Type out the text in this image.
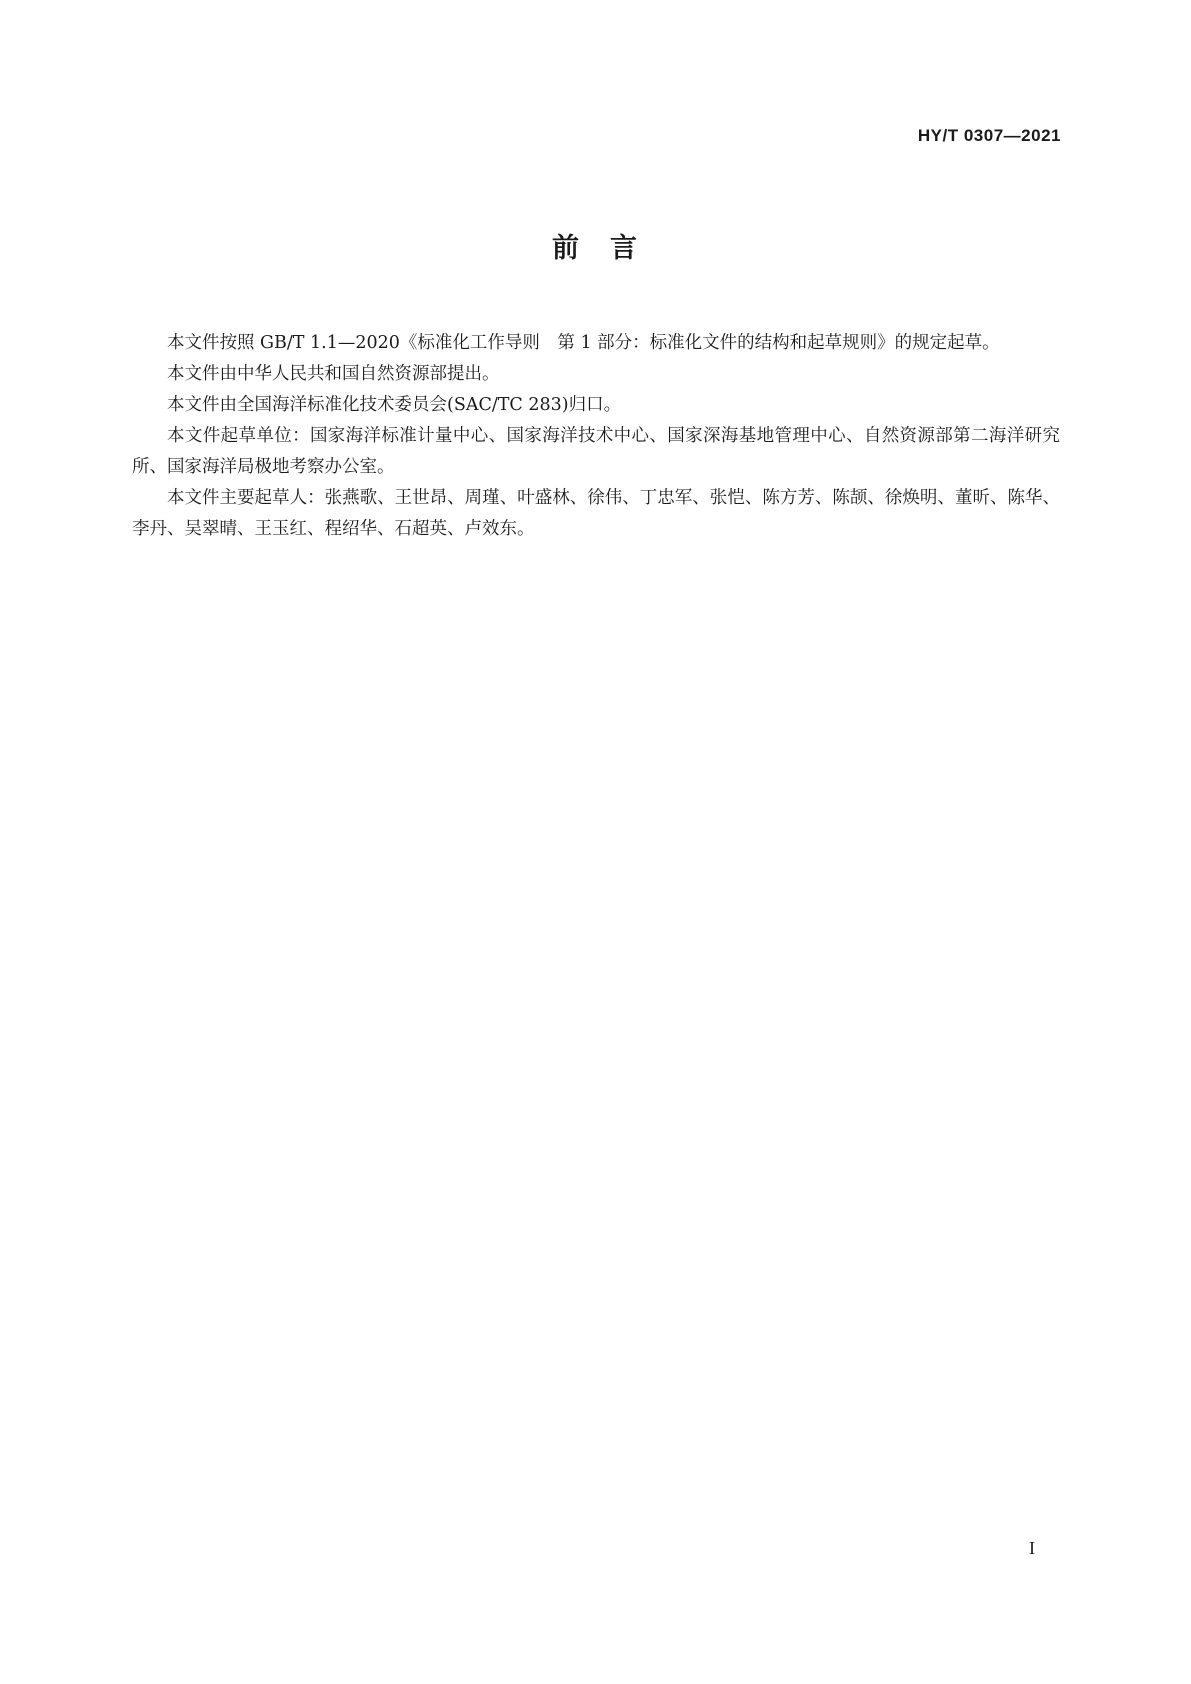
HY/T 0307—2021
前　言

本文件按照 GB/T 1.1—2020《标准化工作导则　第 1 部分：标准化文件的结构和起草规则》的规定起草。

本文件由中华人民共和国自然资源部提出。

本文件由全国海洋标准化技术委员会(SAC/TC 283)归口。

本文件起草单位：国家海洋标准计量中心、国家海洋技术中心、国家深海基地管理中心、自然资源部第二海洋研究所、国家海洋局极地考察办公室。

本文件主要起草人：张燕歌、王世昂、周瑾、叶盛林、徐伟、丁忠军、张恺、陈方芳、陈颉、徐焕明、董昕、陈华、李丹、吴翠晴、王玉红、程绍华、石超英、卢效东。

I
